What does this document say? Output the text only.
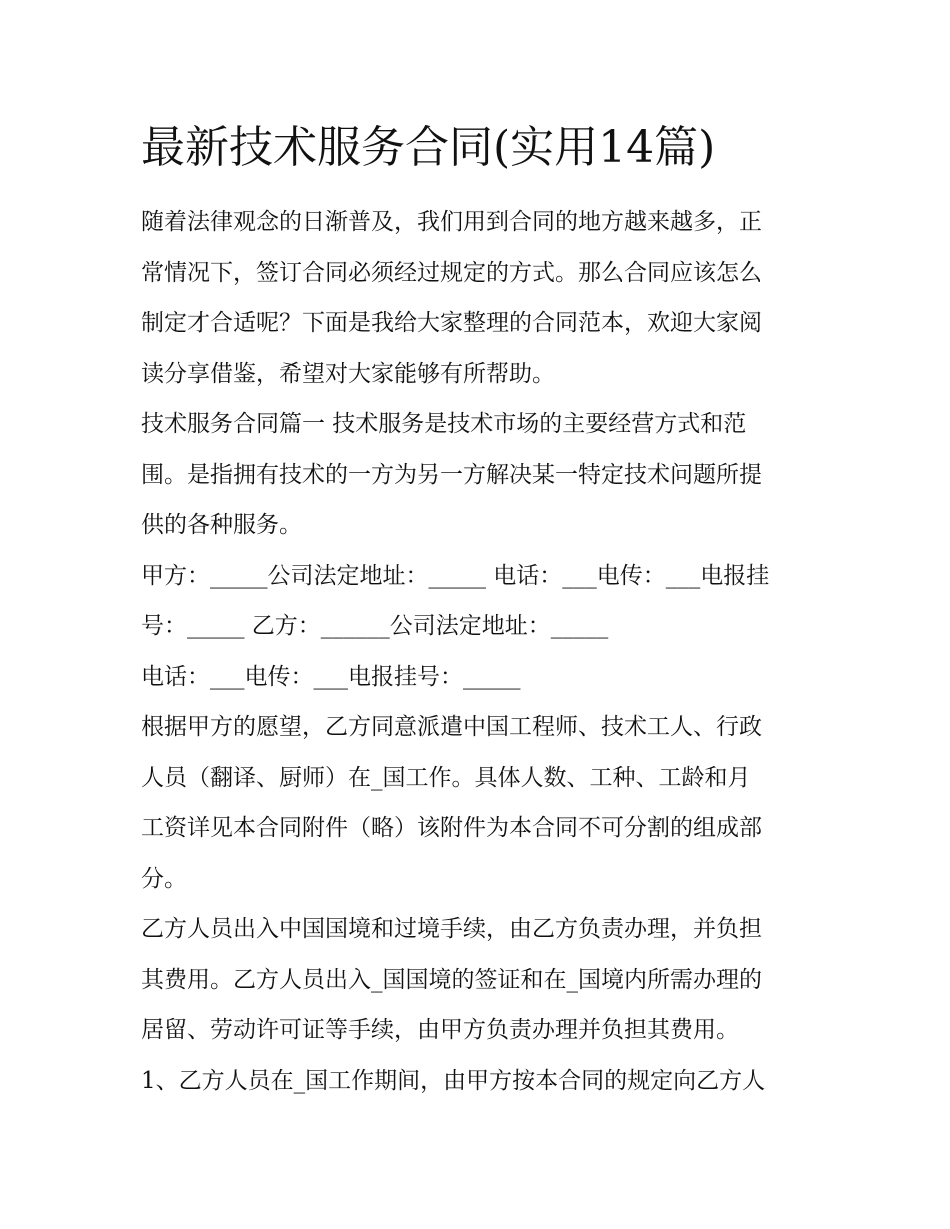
最新技术服务合同(实用14篇)

随着法律观念的日渐普及，我们用到合同的地方越来越多，正
常情况下，签订合同必须经过规定的方式。那么合同应该怎么
制定才合适呢？下面是我给大家整理的合同范本，欢迎大家阅
读分享借鉴，希望对大家能够有所帮助。

技术服务合同篇一 技术服务是技术市场的主要经营方式和范
围。是指拥有技术的一方为另一方解决某一特定技术问题所提
供的各种服务。

甲方：_____公司法定地址：_____ 电话：___电传：___电报挂
号：_____ 乙方：______公司法定地址：_____

电话：___电传：___电报挂号：_____

根据甲方的愿望，乙方同意派遣中国工程师、技术工人、行政
人员（翻译、厨师）在_国工作。具体人数、工种、工龄和月
工资详见本合同附件（略）该附件为本合同不可分割的组成部
分。

乙方人员出入中国国境和过境手续，由乙方负责办理，并负担
其费用。乙方人员出入_国国境的签证和在_国境内所需办理的
居留、劳动许可证等手续，由甲方负责办理并负担其费用。

1、乙方人员在_国工作期间，由甲方按本合同的规定向乙方人
